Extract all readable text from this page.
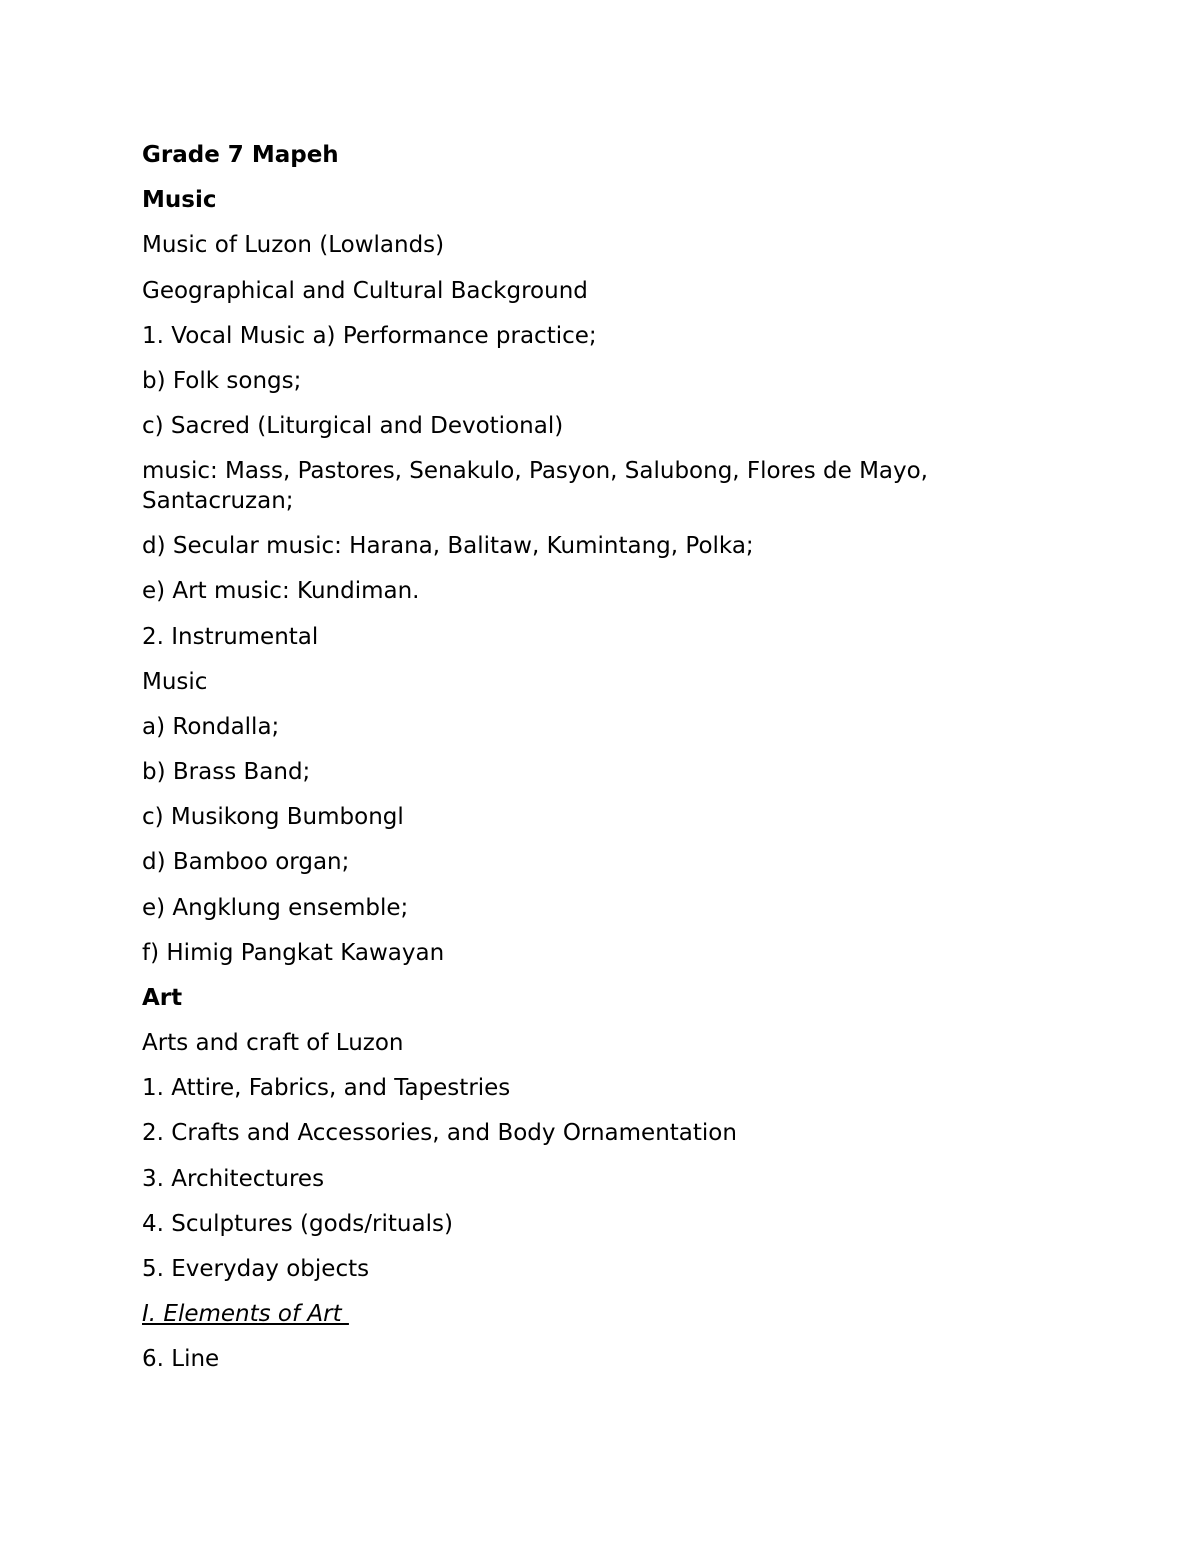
Grade 7 Mapeh
Music
Music of Luzon (Lowlands)
Geographical and Cultural Background
1. Vocal Music a) Performance practice;
b) Folk songs;
c) Sacred (Liturgical and Devotional)
music: Mass, Pastores, Senakulo, Pasyon, Salubong, Flores de Mayo,
Santacruzan;
d) Secular music: Harana, Balitaw, Kumintang, Polka;
e) Art music: Kundiman.
2. Instrumental
Music
a) Rondalla;
b) Brass Band;
c) Musikong Bumbongl
d) Bamboo organ;
e) Angklung ensemble;
f) Himig Pangkat Kawayan
Art
Arts and craft of Luzon
1. Attire, Fabrics, and Tapestries
2. Crafts and Accessories, and Body Ornamentation
3. Architectures
4. Sculptures (gods/rituals)
5. Everyday objects
I. Elements of Art
6. Line
